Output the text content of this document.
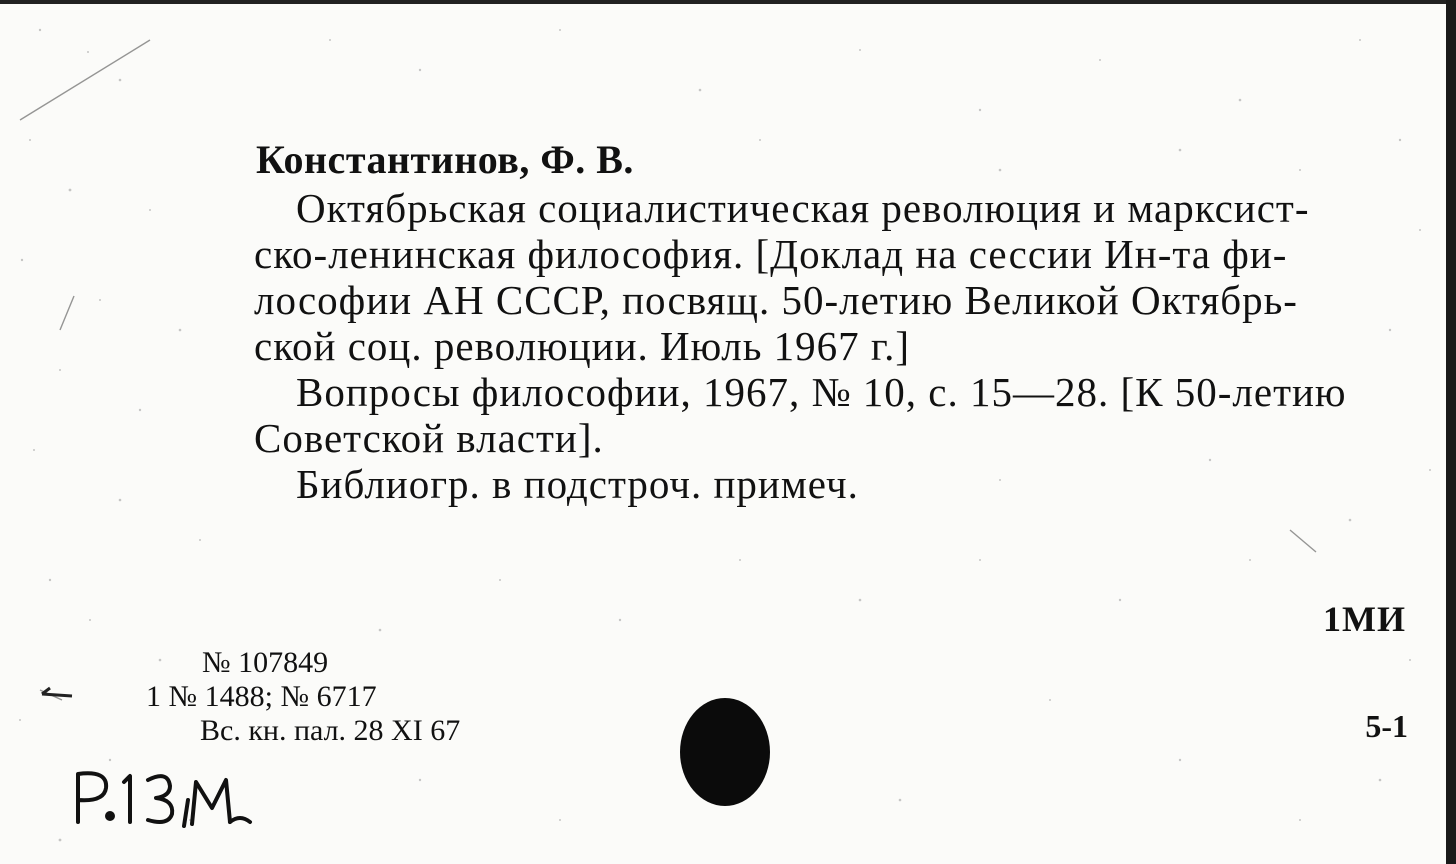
Константинов, Ф. В.
Октябрьская социалистическая революция и марксист-
ско-ленинская философия. [Доклад на сессии Ин-та фи-
лософии АН СССР, посвящ. 50-летию Великой Октябрь-
ской соц. революции. Июль 1967 г.]
Вопросы философии, 1967, № 10, с. 15—28. [К 50-летию
Советской власти].
Библиогр. в подстроч. примеч.
1МИ
№ 107849
1 № 1488; № 6717
Вс. кн. пал. 28 XI 67	5-1
